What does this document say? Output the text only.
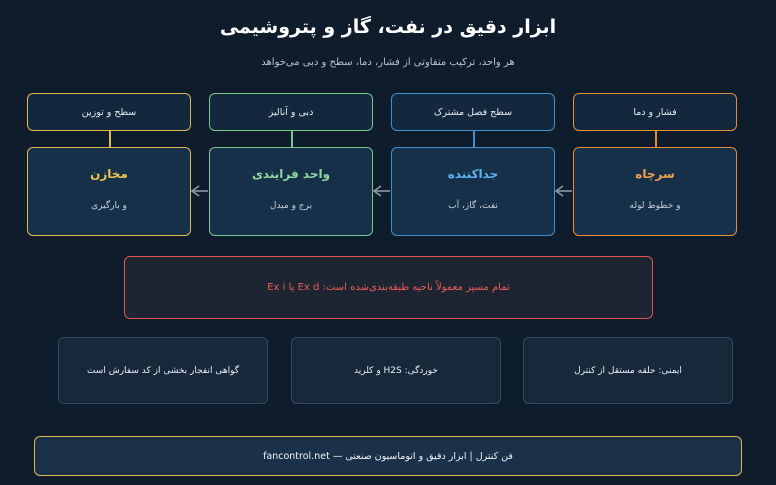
ابزار دقیق در نفت، گاز و پتروشیمی
هر واحد، ترکیب متفاوتی از فشار، دما، سطح و دبی می‌خواهد
فشار و دما
سرچاه
و خطوط لوله
سطح فصل مشترک
جداکننده
نفت، گاز، آب
دبی و آنالیز
واحد فرایندی
برج و مبدل
سطح و توزین
مخازن
و بارگیری
تمام مسیر معمولاً ناحیه طبقه‌بندی‌شده است: Ex d یا Ex i
ایمنی: حلقه مستقل از کنترل
خوردگی: H2S و کلرید
گواهی انفجار بخشی از کد سفارش است
فن کنترل | ابزار دقیق و اتوماسیون صنعتی — fancontrol.net
